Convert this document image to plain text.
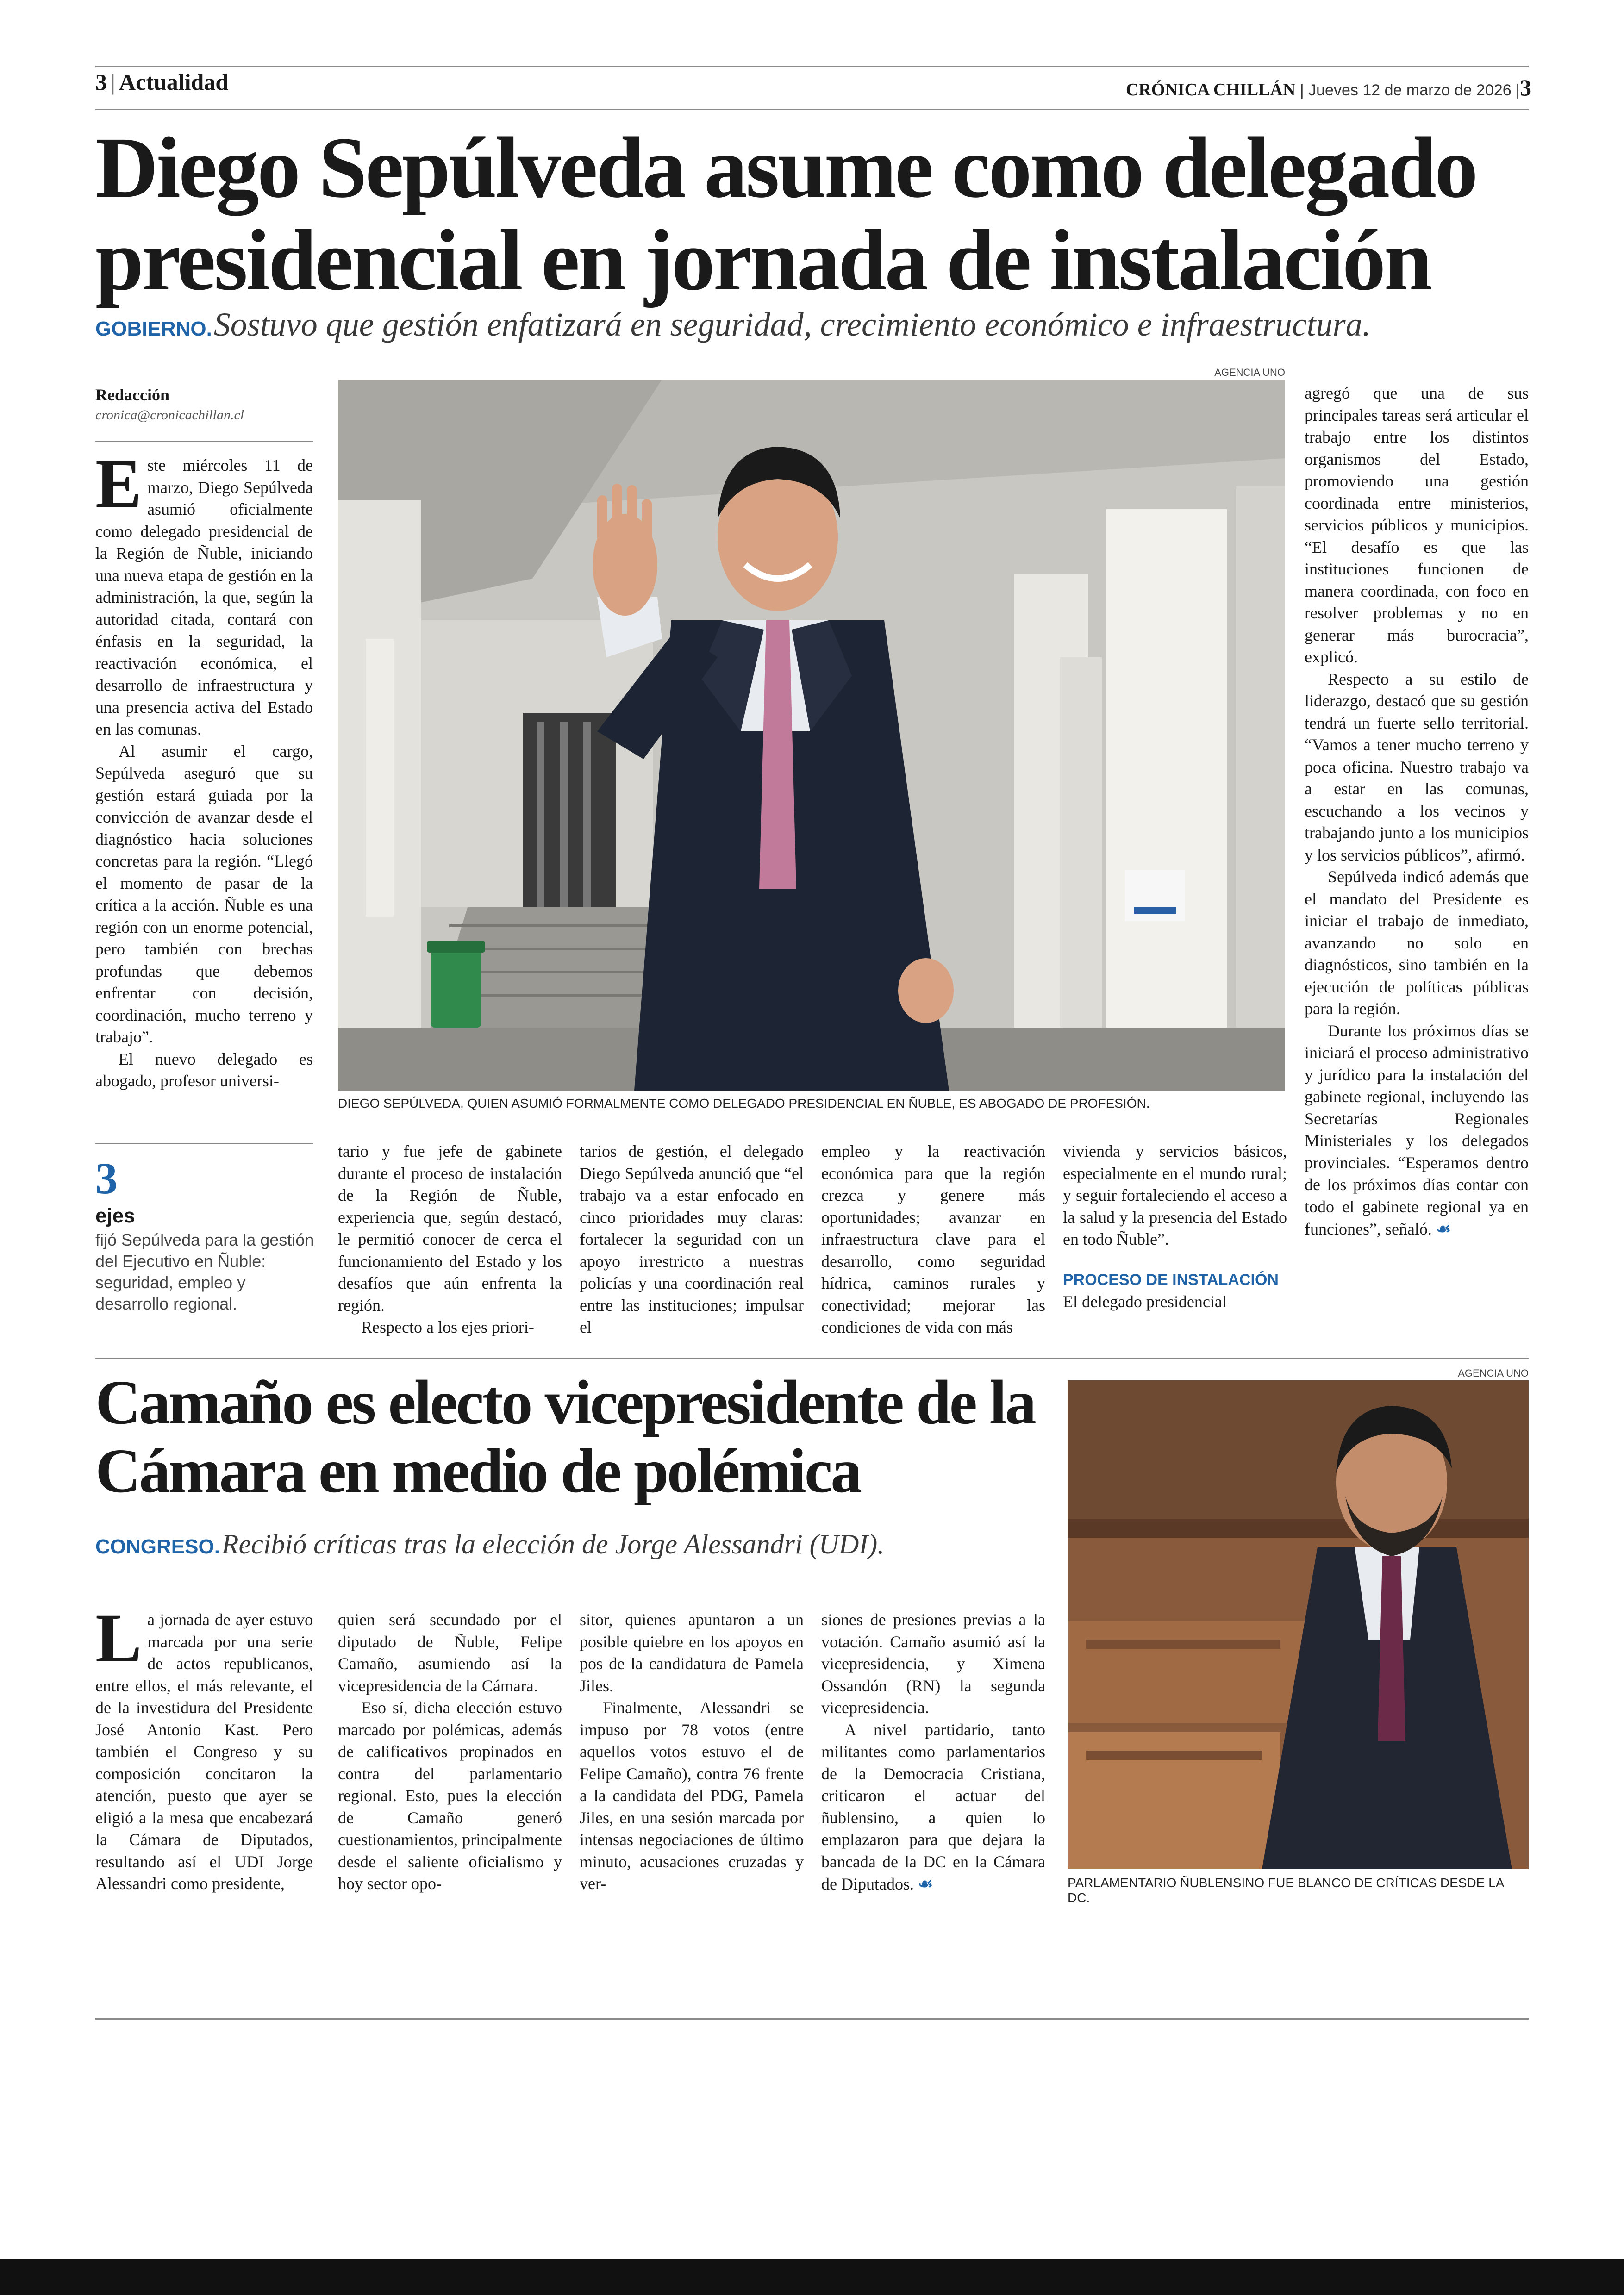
3 | Actualidad	CRÓNICA CHILLÁN | Jueves 12 de marzo de 2026 |3
Diego Sepúlveda asume como delegado presidencial en jornada de instalación
GOBIERNO. Sostuvo que gestión enfatizará en seguridad, crecimiento económico e infraestructura.
Redacción
cronica@cronicachillan.cl

Este miércoles 11 de marzo, Diego Sepúlveda asumió oficialmente como delegado presidencial de la Región de Ñuble, iniciando una nueva etapa de gestión en la administración, la que, según la autoridad citada, contará con énfasis en la seguridad, la reactivación económica, el desarrollo de infraestructura y una presencia activa del Estado en las comunas.

Al asumir el cargo, Sepúlveda aseguró que su gestión estará guiada por la convicción de avanzar desde el diagnóstico hacia soluciones concretas para la región. “Llegó el momento de pasar de la crítica a la acción. Ñuble es una región con un enorme potencial, pero también con brechas profundas que debemos enfrentar con decisión, coordinación, mucho terreno y trabajo”.

El nuevo delegado es abogado, profesor universi-

3
ejes
fijó Sepúlveda para la gestión del Ejecutivo en Ñuble: seguridad, empleo y desarrollo regional.
AGENCIA UNO
DIEGO SEPÚLVEDA, QUIEN ASUMIÓ FORMALMENTE COMO DELEGADO PRESIDENCIAL EN ÑUBLE, ES ABOGADO DE PROFESIÓN.

tario y fue jefe de gabinete durante el proceso de instalación de la Región de Ñuble, experiencia que, según destacó, le permitió conocer de cerca el funcionamiento del Estado y los desafíos que aún enfrenta la región.

Respecto a los ejes priori-

tarios de gestión, el delegado Diego Sepúlveda anunció que “el trabajo va a estar enfocado en cinco prioridades muy claras: fortalecer la seguridad con un apoyo irrestricto a nuestras policías y una coordinación real entre las instituciones; impulsar el

empleo y la reactivación económica para que la región crezca y genere más oportunidades; avanzar en infraestructura clave para el desarrollo, como seguridad hídrica, caminos rurales y conectividad; mejorar las condiciones de vida con más

vivienda y servicios básicos, especialmente en el mundo rural; y seguir fortaleciendo el acceso a la salud y la presencia del Estado en todo Ñuble”.

PROCESO DE INSTALACIÓN

El delegado presidencial

agregó que una de sus principales tareas será articular el trabajo entre los distintos organismos del Estado, promoviendo una gestión coordinada entre ministerios, servicios públicos y municipios. “El desafío es que las instituciones funcionen de manera coordinada, con foco en resolver problemas y no en generar más burocracia”, explicó.

Respecto a su estilo de liderazgo, destacó que su gestión tendrá un fuerte sello territorial. “Vamos a tener mucho terreno y poca oficina. Nuestro trabajo va a estar en las comunas, escuchando a los vecinos y trabajando junto a los municipios y los servicios públicos”, afirmó.

Sepúlveda indicó además que el mandato del Presidente es iniciar el trabajo de inmediato, avanzando no solo en diagnósticos, sino también en la ejecución de políticas públicas para la región.

Durante los próximos días se iniciará el proceso administrativo y jurídico para la instalación del gabinete regional, incluyendo las Secretarías Regionales Ministeriales y los delegados provinciales. “Esperamos dentro de los próximos días contar con todo el gabinete regional ya en funciones”, señaló. ☙

Camaño es electo vicepresidente de la Cámara en medio de polémica
CONGRESO. Recibió críticas tras la elección de Jorge Alessandri (UDI).

La jornada de ayer estuvo marcada por una serie de actos republicanos, entre ellos, el más relevante, el de la investidura del Presidente José Antonio Kast. Pero también el Congreso y su composición concitaron la atención, puesto que ayer se eligió a la mesa que encabezará la Cámara de Diputados, resultando así el UDI Jorge Alessandri como presidente,

quien será secundado por el diputado de Ñuble, Felipe Camaño, asumiendo así la vicepresidencia de la Cámara.

Eso sí, dicha elección estuvo marcado por polémicas, además de calificativos propinados en contra del parlamentario regional. Esto, pues la elección de Camaño generó cuestionamientos, principalmente desde el saliente oficialismo y hoy sector opo-

sitor, quienes apuntaron a un posible quiebre en los apoyos en pos de la candidatura de Pamela Jiles.

Finalmente, Alessandri se impuso por 78 votos (entre aquellos votos estuvo el de Felipe Camaño), contra 76 frente a la candidata del PDG, Pamela Jiles, en una sesión marcada por intensas negociaciones de último minuto, acusaciones cruzadas y ver-

siones de presiones previas a la votación. Camaño asumió así la vicepresidencia, y Ximena Ossandón (RN) la segunda vicepresidencia.

A nivel partidario, tanto militantes como parlamentarios de la Democracia Cristiana, criticaron el actuar del ñublensino, a quien lo emplazaron para que dejara la bancada de la DC en la Cámara de Diputados. ☙

AGENCIA UNO
PARLAMENTARIO ÑUBLENSINO FUE BLANCO DE CRÍTICAS DESDE LA DC.
